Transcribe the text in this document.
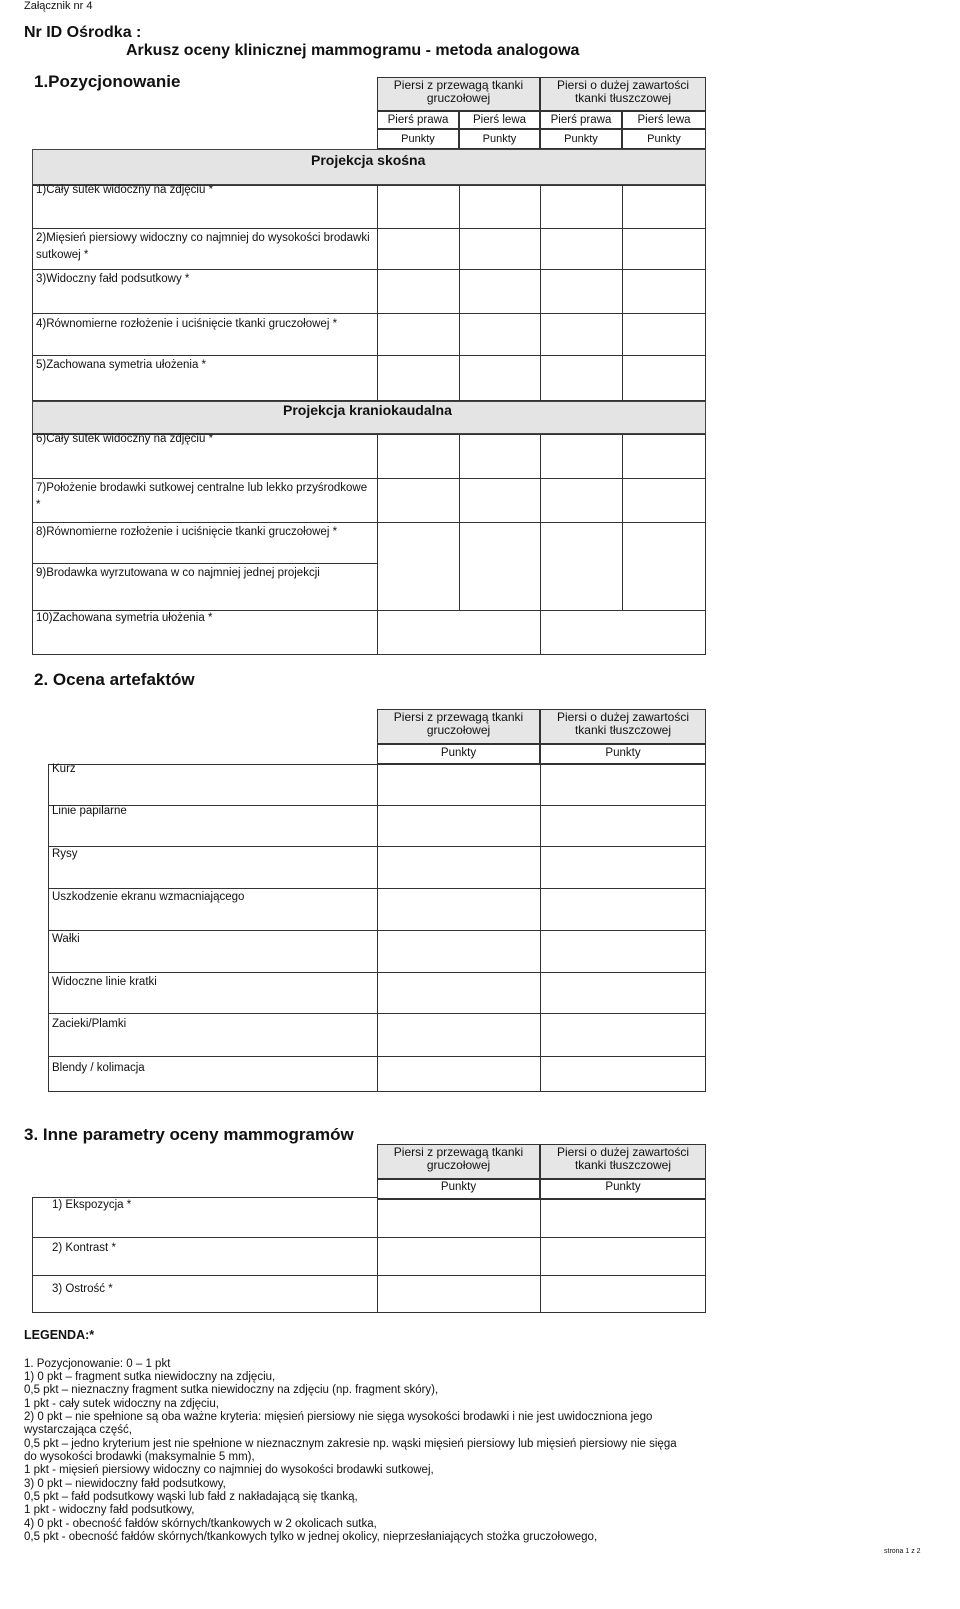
Załącznik nr 4
Nr ID Ośrodka :
Arkusz oceny klinicznej mammogramu - metoda analogowa
1.Pozycjonowanie	Piersi z przewagą tkanki gruczołowej
Piersi o dużej zawartości tkanki tłuszczowej
Pierś prawa	Pierś lewa	Pierś prawa	Pierś lewa
Punkty	Punkty	Punkty	Punkty
Projekcja skośna
1)Cały sutek widoczny na zdjęciu *
2)Mięsień piersiowy widoczny co najmniej do wysokości brodawki sutkowej *
3)Widoczny fałd podsutkowy *
4)Równomierne rozłożenie i uciśnięcie tkanki gruczołowej *
5)Zachowana symetria ułożenia *
Projekcja kraniokaudalna
6)Cały sutek widoczny na zdjęciu *
7)Położenie brodawki sutkowej centralne lub lekko przyśrodkowe *
8)Równomierne rozłożenie i uciśnięcie tkanki gruczołowej *
9)Brodawka wyrzutowana w co najmniej jednej projekcji
10)Zachowana symetria ułożenia *
2. Ocena artefaktów
Piersi z przewagą tkanki gruczołowej
Piersi o dużej zawartości tkanki tłuszczowej
Punkty	Punkty
Kurz
Linie papilarne
Rysy
Uszkodzenie ekranu wzmacniającego
Wałki
Widoczne linie kratki
Zacieki/Plamki
Blendy / kolimacja
3. Inne parametry oceny mammogramów
Piersi z przewagą tkanki gruczołowej
Piersi o dużej zawartości tkanki tłuszczowej
Punkty	Punkty
1) Ekspozycja *
2) Kontrast *
3) Ostrość *
LEGENDA:*
1. Pozycjonowanie: 0 – 1 pkt
1) 0 pkt – fragment sutka niewidoczny na zdjęciu,
0,5 pkt – nieznaczny fragment sutka niewidoczny na zdjęciu (np. fragment skóry),
1 pkt - cały sutek widoczny na zdjęciu,
2) 0 pkt – nie spełnione są oba ważne kryteria: mięsień piersiowy nie sięga wysokości brodawki i nie jest uwidoczniona jego
wystarczająca część,
0,5 pkt – jedno kryterium jest nie spełnione w nieznacznym zakresie np. wąski mięsień piersiowy lub mięsień piersiowy nie sięga
do wysokości brodawki (maksymalnie 5 mm),
1 pkt - mięsień piersiowy widoczny co najmniej do wysokości brodawki sutkowej,
3) 0 pkt – niewidoczny fałd podsutkowy,
0,5 pkt – fałd podsutkowy wąski lub fałd z nakładającą się tkanką,
1 pkt - widoczny fałd podsutkowy,
4) 0 pkt - obecność fałdów skórnych/tkankowych w 2 okolicach sutka,
0,5 pkt - obecność fałdów skórnych/tkankowych tylko w jednej okolicy, nieprzesłaniających stożka gruczołowego,
strona 1 z 2
